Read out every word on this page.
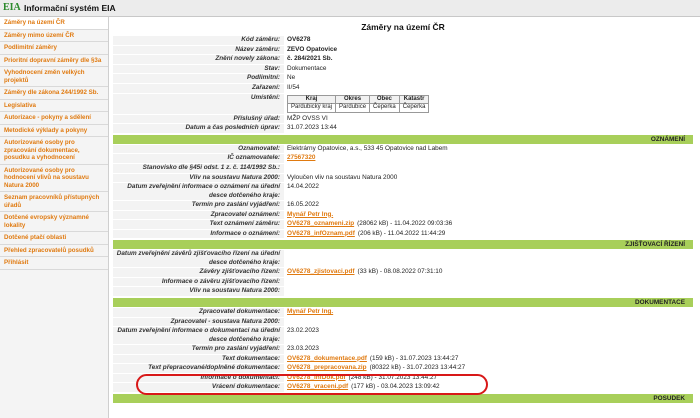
EIA Informační systém EIA
Záměry na území ČR
Záměry mimo území ČR
Podlimitní záměry
Prioritní dopravní záměry dle §3a
Vyhodnocení změn velkých projektů
Záměry dle zákona 244/1992 Sb.
Legislativa
Autorizace - pokyny a sdělení
Metodické výklady a pokyny
Autorizované osoby pro zpracování dokumentace, posudku a vyhodnocení
Autorizované osoby pro hodnocení vlivů na soustavu Natura 2000
Seznam pracovníků přístupných úřadů
Dotčené evropsky významné lokality
Dotčené ptačí oblasti
Přehled zpracovatelů posudků
Přihlásit
Záměry na území ČR
Kód záměru:	OV6278
Název záměru:	ZEVO Opatovice
Znění novely zákona:	č. 284/2021 Sb.
Stav:	Dokumentace
Podlimitní:	Ne
Zařazení:	II/54
Umístění:	Kraj	Okres	Obec	Katastr
Pardubický kraj	Pardubice	Čeperka	Čeperka
Příslušný úřad:	MŽP OVSS VI
Datum a čas posledních úprav:	31.07.2023 13:44
OZNÁMENÍ
Oznamovatel:	Elektrárny Opatovice, a.s., 533 45 Opatovice nad Labem
IČ oznamovatele:	27567320
Stanovisko dle §45i odst. 1 z. č. 114/1992 Sb.:
Vliv na soustavu Natura 2000:	Vyloučen vliv na soustavu Natura 2000
Datum zveřejnění informace o oznámení na úřední desce dotčeného kraje:
14.04.2022
Termín pro zaslání vyjádření:	16.05.2022
Zpracovatel oznámení:	Mynář Petr Ing.
Text oznámení záměru:	OV6278_oznameni.zip (28062 kB) - 11.04.2022 09:03:36
Informace o oznámení:	OV6278_infOznam.pdf (206 kB) - 11.04.2022 11:44:29
ZJIŠŤOVACÍ ŘÍZENÍ
Datum zveřejnění závěrů zjišťovacího řízení na úřední desce dotčeného kraje:
Závěry zjišťovacího řízení:	OV6278_zjistovaci.pdf (33 kB) - 08.08.2022 07:31:10
Informace o závěru zjišťovacího řízení:
Vliv na soustavu Natura 2000:
DOKUMENTACE
Zpracovatel dokumentace:	Mynář Petr Ing.
Zpracovatel - soustava Natura 2000:
Datum zveřejnění informace o dokumentaci na úřední desce dotčeného kraje:
23.02.2023
Termín pro zaslání vyjádření:	23.03.2023
Text dokumentace:	OV6278_dokumentace.pdf (159 kB) - 31.07.2023 13:44:27
Text přepracované/doplněné dokumentace:	OV6278_prepracovana.zip (80322 kB) - 31.07.2023 13:44:27
Informace o dokumentaci:	OV6278_infDok.pdf (248 kB) - 31.07.2023 13:44:27
Vrácení dokumentace:	OV6278_vraceni.pdf (177 kB) - 03.04.2023 13:09:42
POSUDEK
